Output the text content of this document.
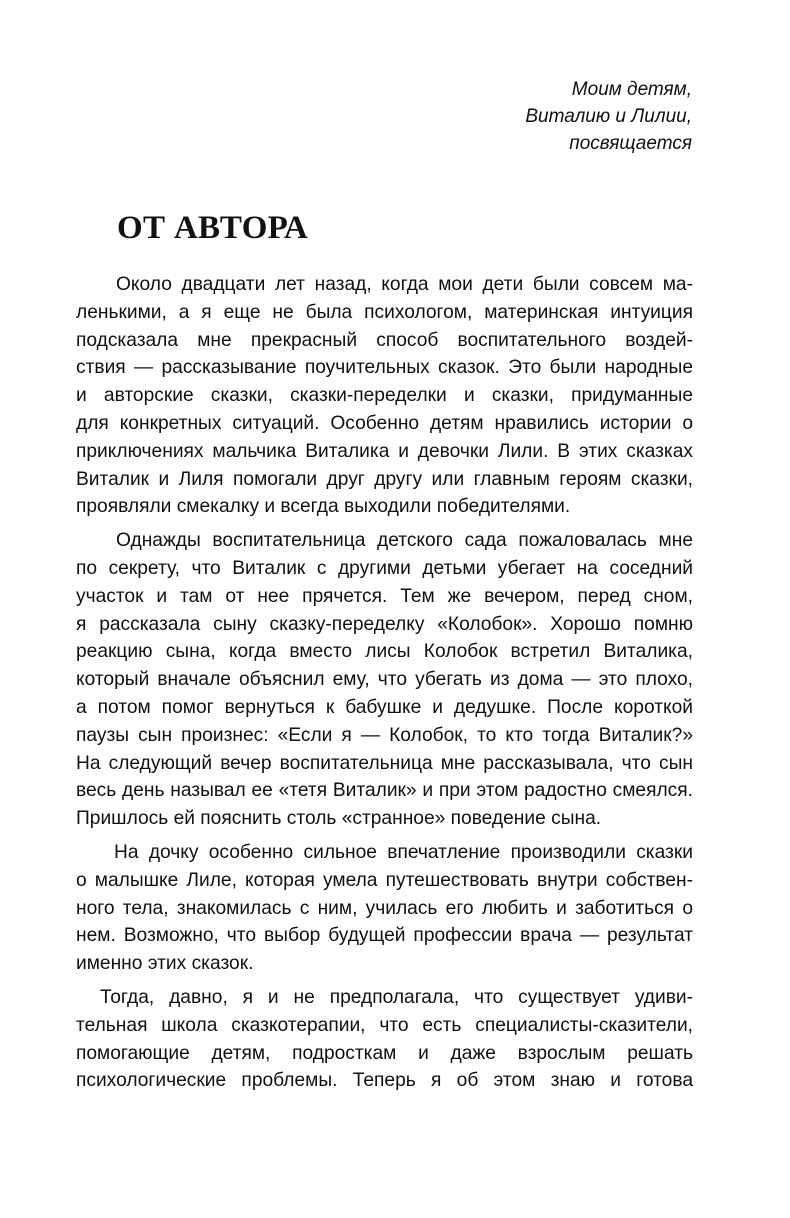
Моим детям,
Виталию и Лилии,
посвящается
ОТ АВТОРА
Около двадцати лет назад, когда мои дети были совсем ма-
ленькими, а я еще не была психологом, материнская интуиция
подсказала мне прекрасный способ воспитательного воздей-
ствия — рассказывание поучительных сказок. Это были народные
и авторские сказки, сказки-переделки и сказки, придуманные
для конкретных ситуаций. Особенно детям нравились истории о
приключениях мальчика Виталика и девочки Лили. В этих сказках
Виталик и Лиля помогали друг другу или главным героям сказки,
проявляли смекалку и всегда выходили победителями.
Однажды воспитательница детского сада пожаловалась мне
по секрету, что Виталик с другими детьми убегает на соседний
участок и там от нее прячется. Тем же вечером, перед сном,
я рассказала сыну сказку-переделку «Колобок». Хорошо помню
реакцию сына, когда вместо лисы Колобок встретил Виталика,
который вначале объяснил ему, что убегать из дома — это плохо,
а потом помог вернуться к бабушке и дедушке. После короткой
паузы сын произнес: «Если я — Колобок, то кто тогда Виталик?»
На следующий вечер воспитательница мне рассказывала, что сын
весь день называл ее «тетя Виталик» и при этом радостно смеялся.
Пришлось ей пояснить столь «странное» поведение сына.
На дочку особенно сильное впечатление производили сказки
о малышке Лиле, которая умела путешествовать внутри собствен-
ного тела, знакомилась с ним, училась его любить и заботиться о
нем. Возможно, что выбор будущей профессии врача — результат
именно этих сказок.
Тогда, давно, я и не предполагала, что существует удиви-
тельная школа сказкотерапии, что есть специалисты-сказители,
помогающие детям, подросткам и даже взрослым решать
психологические проблемы. Теперь я об этом знаю и готова
